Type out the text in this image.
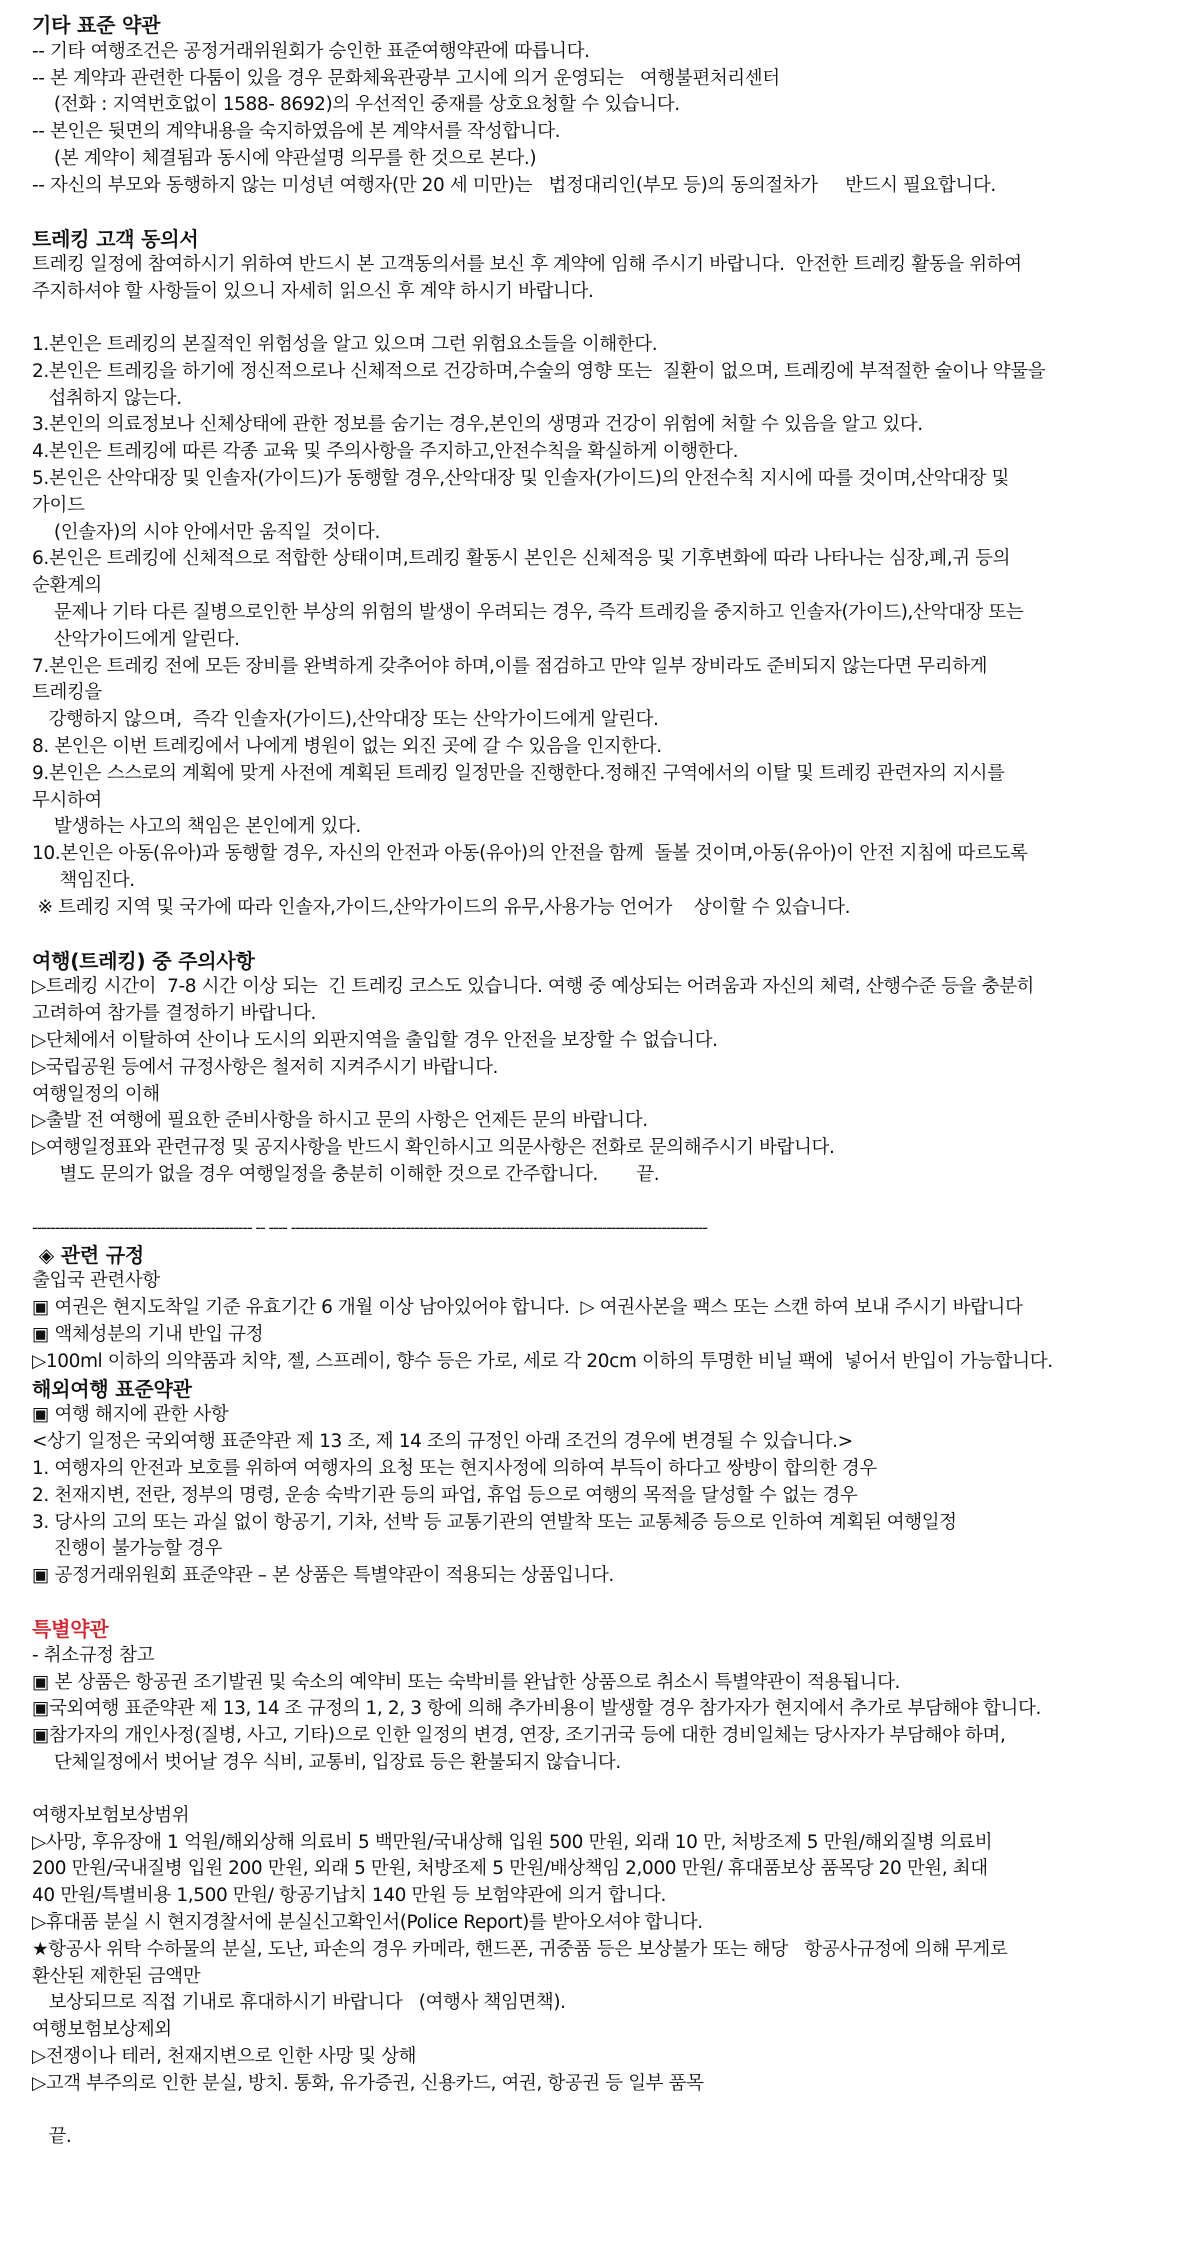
기타 표준 약관
-- 기타 여행조건은 공정거래위원회가 승인한 표준여행약관에 따릅니다.
-- 본 계약과 관련한 다툼이 있을 경우 문화체육관광부 고시에 의거 운영되는   여행불편처리센터
(전화 : 지역번호없이 1588- 8692)의 우선적인 중재를 상호요청할 수 있습니다.
-- 본인은 뒷면의 계약내용을 숙지하였음에 본 계약서를 작성합니다.
(본 계약이 체결됨과 동시에 약관설명 의무를 한 것으로 본다.)
-- 자신의 부모와 동행하지 않는 미성년 여행자(만 20 세 미만)는   법정대리인(부모 등)의 동의절차가     반드시 필요합니다.
트레킹 고객 동의서
트레킹 일정에 참여하시기 위하여 반드시 본 고객동의서를 보신 후 계약에 임해 주시기 바랍니다.  안전한 트레킹 활동을 위하여
주지하셔야 할 사항들이 있으니 자세히 읽으신 후 계약 하시기 바랍니다.
1.본인은 트레킹의 본질적인 위험성을 알고 있으며 그런 위험요소들을 이해한다.
2.본인은 트레킹을 하기에 정신적으로나 신체적으로 건강하며,수술의 영향 또는  질환이 없으며, 트레킹에 부적절한 술이나 약물을
섭취하지 않는다.
3.본인의 의료정보나 신체상태에 관한 정보를 숨기는 경우,본인의 생명과 건강이 위험에 처할 수 있음을 알고 있다.
4.본인은 트레킹에 따른 각종 교육 및 주의사항을 주지하고,안전수칙을 확실하게 이행한다.
5.본인은 산악대장 및 인솔자(가이드)가 동행할 경우,산악대장 및 인솔자(가이드)의 안전수칙 지시에 따를 것이며,산악대장 및
가이드
(인솔자)의 시야 안에서만 움직일  것이다.
6.본인은 트레킹에 신체적으로 적합한 상태이며,트레킹 활동시 본인은 신체적응 및 기후변화에 따라 나타나는 심장,폐,귀 등의
순환계의
문제나 기타 다른 질병으로인한 부상의 위험의 발생이 우려되는 경우, 즉각 트레킹을 중지하고 인솔자(가이드),산악대장 또는
산악가이드에게 알린다.
7.본인은 트레킹 전에 모든 장비를 완벽하게 갖추어야 하며,이를 점검하고 만약 일부 장비라도 준비되지 않는다면 무리하게
트레킹을
강행하지 않으며,  즉각 인솔자(가이드),산악대장 또는 산악가이드에게 알린다.
8. 본인은 이번 트레킹에서 나에게 병원이 없는 외진 곳에 갈 수 있음을 인지한다.
9.본인은 스스로의 계획에 맞게 사전에 계획된 트레킹 일정만을 진행한다.정해진 구역에서의 이탈 및 트레킹 관련자의 지시를
무시하여
발생하는 사고의 책임은 본인에게 있다.
10.본인은 아동(유아)과 동행할 경우, 자신의 안전과 아동(유아)의 안전을 함께  돌볼 것이며,아동(유아)이 안전 지침에 따르도록
책임진다.
※ 트레킹 지역 및 국가에 따라 인솔자,가이드,산악가이드의 유무,사용가능 언어가    상이할 수 있습니다.
여행(트레킹) 중 주의사항
▷트레킹 시간이  7-8 시간 이상 되는  긴 트레킹 코스도 있습니다. 여행 중 예상되는 어려움과 자신의 체력, 산행수준 등을 충분히
고려하여 참가를 결정하기 바랍니다.
▷단체에서 이탈하여 산이나 도시의 외판지역을 출입할 경우 안전을 보장할 수 없습니다.
▷국립공원 등에서 규정사항은 철저히 지켜주시기 바랍니다.
여행일정의 이해
▷출발 전 여행에 필요한 준비사항을 하시고 문의 사항은 언제든 문의 바랍니다.
▷여행일정표와 관련규정 및 공지사항을 반드시 확인하시고 의문사항은 전화로 문의해주시기 바랍니다.
별도 문의가 없을 경우 여행일정을 충분히 이해한 것으로 간주합니다.       끝.
------------------------------------------------ -- ---- -------------------------------------------------------------------------------------------
◈ 관련 규정
출입국 관련사항
▣ 여권은 현지도착일 기준 유효기간 6 개월 이상 남아있어야 합니다.  ▷ 여권사본을 팩스 또는 스캔 하여 보내 주시기 바랍니다
▣ 액체성분의 기내 반입 규정
▷100ml 이하의 의약품과 치약, 젤, 스프레이, 향수 등은 가로, 세로 각 20cm 이하의 투명한 비닐 팩에  넣어서 반입이 가능합니다.
해외여행 표준약관
▣ 여행 해지에 관한 사항
<상기 일정은 국외여행 표준약관 제 13 조, 제 14 조의 규정인 아래 조건의 경우에 변경될 수 있습니다.>
1. 여행자의 안전과 보호를 위하여 여행자의 요청 또는 현지사정에 의하여 부득이 하다고 쌍방이 합의한 경우
2. 천재지변, 전란, 정부의 명령, 운송 숙박기관 등의 파업, 휴업 등으로 여행의 목적을 달성할 수 없는 경우
3. 당사의 고의 또는 과실 없이 항공기, 기차, 선박 등 교통기관의 연발착 또는 교통체증 등으로 인하여 계획된 여행일정
진행이 불가능할 경우
▣ 공정거래위원회 표준약관 – 본 상품은 특별약관이 적용되는 상품입니다.
특별약관
- 취소규정 참고
▣ 본 상품은 항공권 조기발권 및 숙소의 예약비 또는 숙박비를 완납한 상품으로 취소시 특별약관이 적용됩니다.
▣국외여행 표준약관 제 13, 14 조 규정의 1, 2, 3 항에 의해 추가비용이 발생할 경우 참가자가 현지에서 추가로 부담해야 합니다.
▣참가자의 개인사정(질병, 사고, 기타)으로 인한 일정의 변경, 연장, 조기귀국 등에 대한 경비일체는 당사자가 부담해야 하며,
단체일정에서 벗어날 경우 식비, 교통비, 입장료 등은 환불되지 않습니다.
여행자보험보상범위
▷사망, 후유장애 1 억원/해외상해 의료비 5 백만원/국내상해 입원 500 만원, 외래 10 만, 처방조제 5 만원/해외질병 의료비
200 만원/국내질병 입원 200 만원, 외래 5 만원, 처방조제 5 만원/배상책임 2,000 만원/ 휴대품보상 품목당 20 만원, 최대
40 만원/특별비용 1,500 만원/ 항공기납치 140 만원 등 보험약관에 의거 합니다.
▷휴대품 분실 시 현지경찰서에 분실신고확인서(Police Report)를 받아오셔야 합니다.
★항공사 위탁 수하물의 분실, 도난, 파손의 경우 카메라, 핸드폰, 귀중품 등은 보상불가 또는 해당   항공사규정에 의해 무게로
환산된 제한된 금액만
보상되므로 직접 기내로 휴대하시기 바랍니다   (여행사 책임면책).
여행보험보상제외
▷전쟁이나 테러, 천재지변으로 인한 사망 및 상해
▷고객 부주의로 인한 분실, 방치. 통화, 유가증권, 신용카드, 여권, 항공권 등 일부 품목
끝.
